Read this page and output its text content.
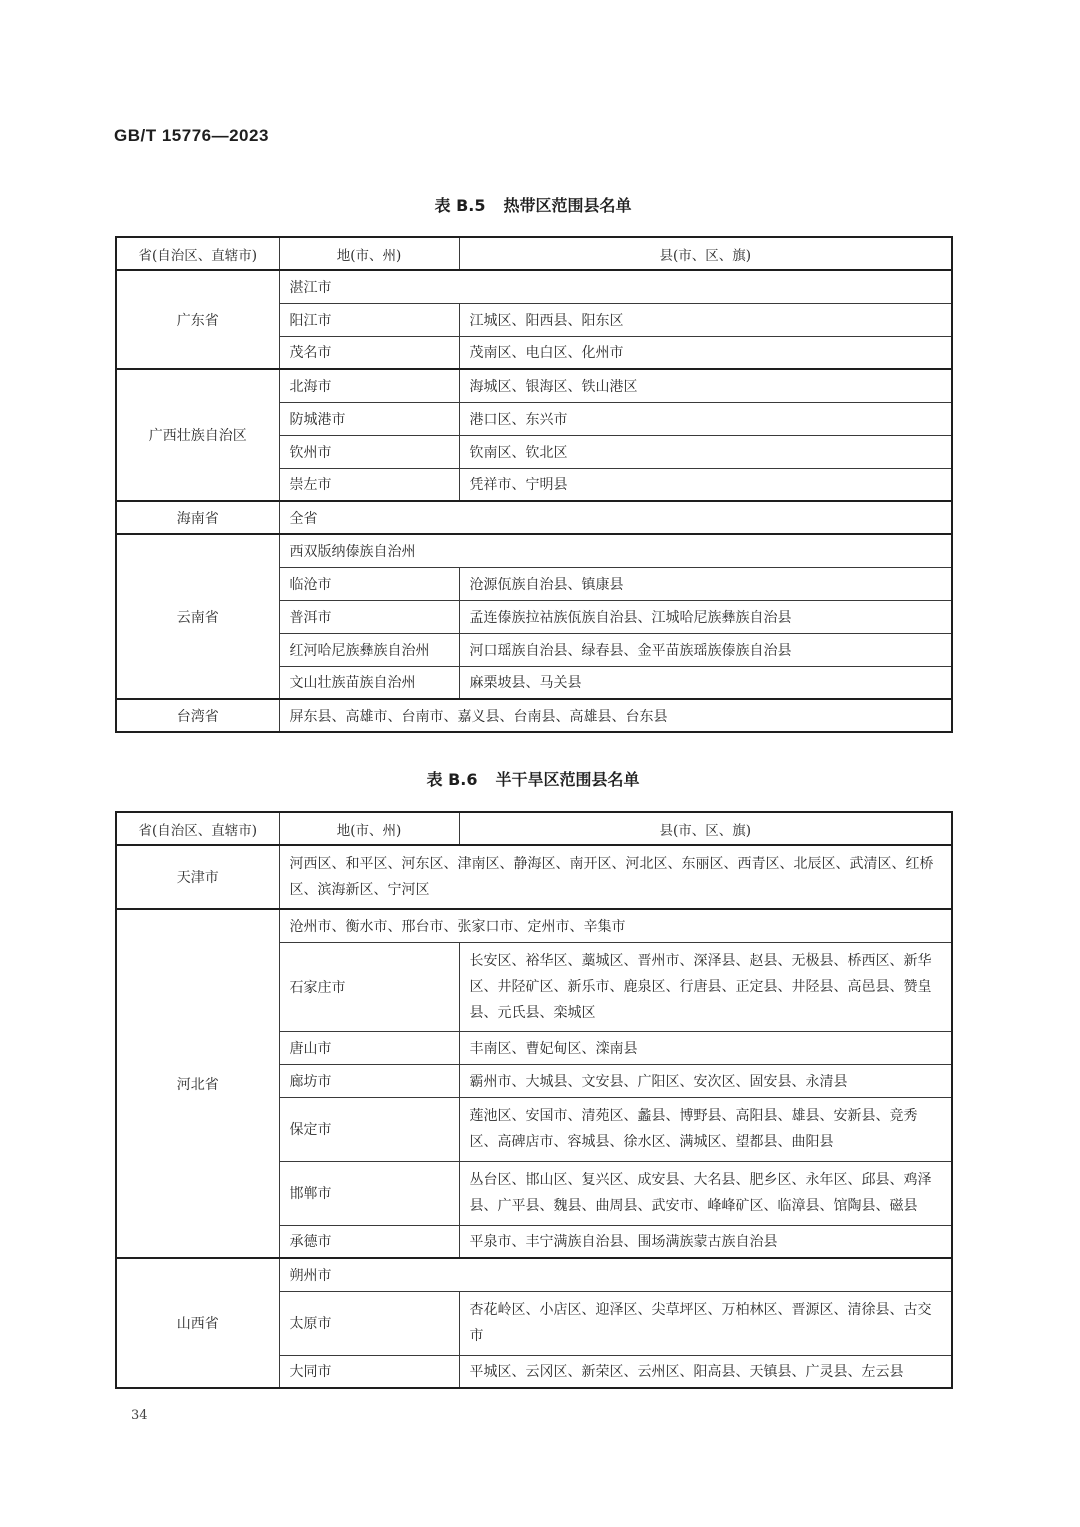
GB/T 15776—2023
表 B.5 热带区范围县名单
省(自治区、直辖市)	地(市、州)	县(市、区、旗)
广东省	湛江市	
	阳江市	江城区、阳西县、阳东区
	茂名市	茂南区、电白区、化州市
广西壮族自治区	北海市	海城区、银海区、铁山港区
	防城港市	港口区、东兴市
	钦州市	钦南区、钦北区
	崇左市	凭祥市、宁明县
海南省	全省	
云南省	西双版纳傣族自治州	
	临沧市	沧源佤族自治县、镇康县
	普洱市	孟连傣族拉祜族佤族自治县、江城哈尼族彝族自治县
	红河哈尼族彝族自治州	河口瑶族自治县、绿春县、金平苗族瑶族傣族自治县
	文山壮族苗族自治州	麻栗坡县、马关县
台湾省	屏东县、高雄市、台南市、嘉义县、台南县、高雄县、台东县	
表 B.6 半干旱区范围县名单
省(自治区、直辖市)	地(市、州)	县(市、区、旗)
天津市	河西区、和平区、河东区、津南区、静海区、南开区、河北区、东丽区、西青区、北辰区、武清区、红桥区、滨海新区、宁河区	
河北省	沧州市、衡水市、邢台市、张家口市、定州市、辛集市	
	石家庄市	长安区、裕华区、藁城区、晋州市、深泽县、赵县、无极县、桥西区、新华区、井陉矿区、新乐市、鹿泉区、行唐县、正定县、井陉县、高邑县、赞皇县、元氏县、栾城区
	唐山市	丰南区、曹妃甸区、滦南县
	廊坊市	霸州市、大城县、文安县、广阳区、安次区、固安县、永清县
	保定市	莲池区、安国市、清苑区、蠡县、博野县、高阳县、雄县、安新县、竞秀区、高碑店市、容城县、徐水区、满城区、望都县、曲阳县
	邯郸市	丛台区、邯山区、复兴区、成安县、大名县、肥乡区、永年区、邱县、鸡泽县、广平县、魏县、曲周县、武安市、峰峰矿区、临漳县、馆陶县、磁县
	承德市	平泉市、丰宁满族自治县、围场满族蒙古族自治县
山西省	朔州市	
	太原市	杏花岭区、小店区、迎泽区、尖草坪区、万柏林区、晋源区、清徐县、古交市
	大同市	平城区、云冈区、新荣区、云州区、阳高县、天镇县、广灵县、左云县
34
